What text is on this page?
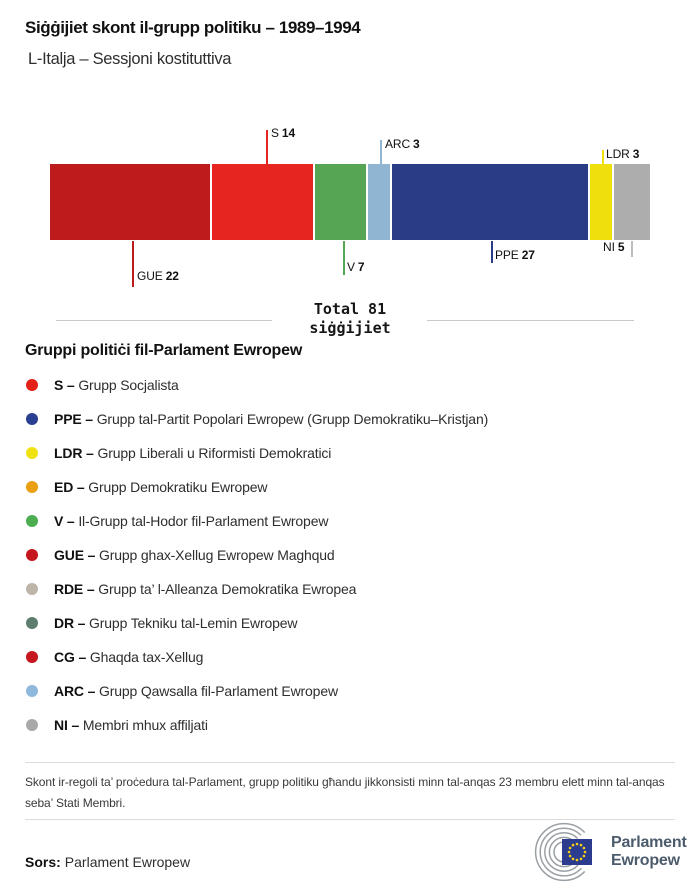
Siġġijiet skont il-grupp politiku – 1989–1994
L-Italja – Sessjoni kostituttiva
GUE 22
S 14
V 7
ARC 3
PPE 27
LDR 3
NI 5
Total 81
siġġijiet
Gruppi politiċi fil-Parlament Ewropew
S – Grupp Socjalista
PPE – Grupp tal-Partit Popolari Ewropew (Grupp Demokratiku–Kristjan)
LDR – Grupp Liberali u Riformisti Demokratici
ED – Grupp Demokratiku Ewropew
V – Il-Grupp tal-Hodor fil-Parlament Ewropew
GUE – Grupp ghax-Xellug Ewropew Maghqud
RDE – Grupp ta’ l-Alleanza Demokratika Ewropea
DR – Grupp Tekniku tal-Lemin Ewropew
CG – Ghaqda tax-Xellug
ARC – Grupp Qawsalla fil-Parlament Ewropew
NI – Membri mhux affiljati
Skont ir-regoli ta’ proċedura tal-Parlament, grupp politiku għandu jikkonsisti minn tal-anqas 23 membru elett minn tal-anqas seba’ Stati Membri.
Sors: Parlament Ewropew
Parlament
Ewropew
